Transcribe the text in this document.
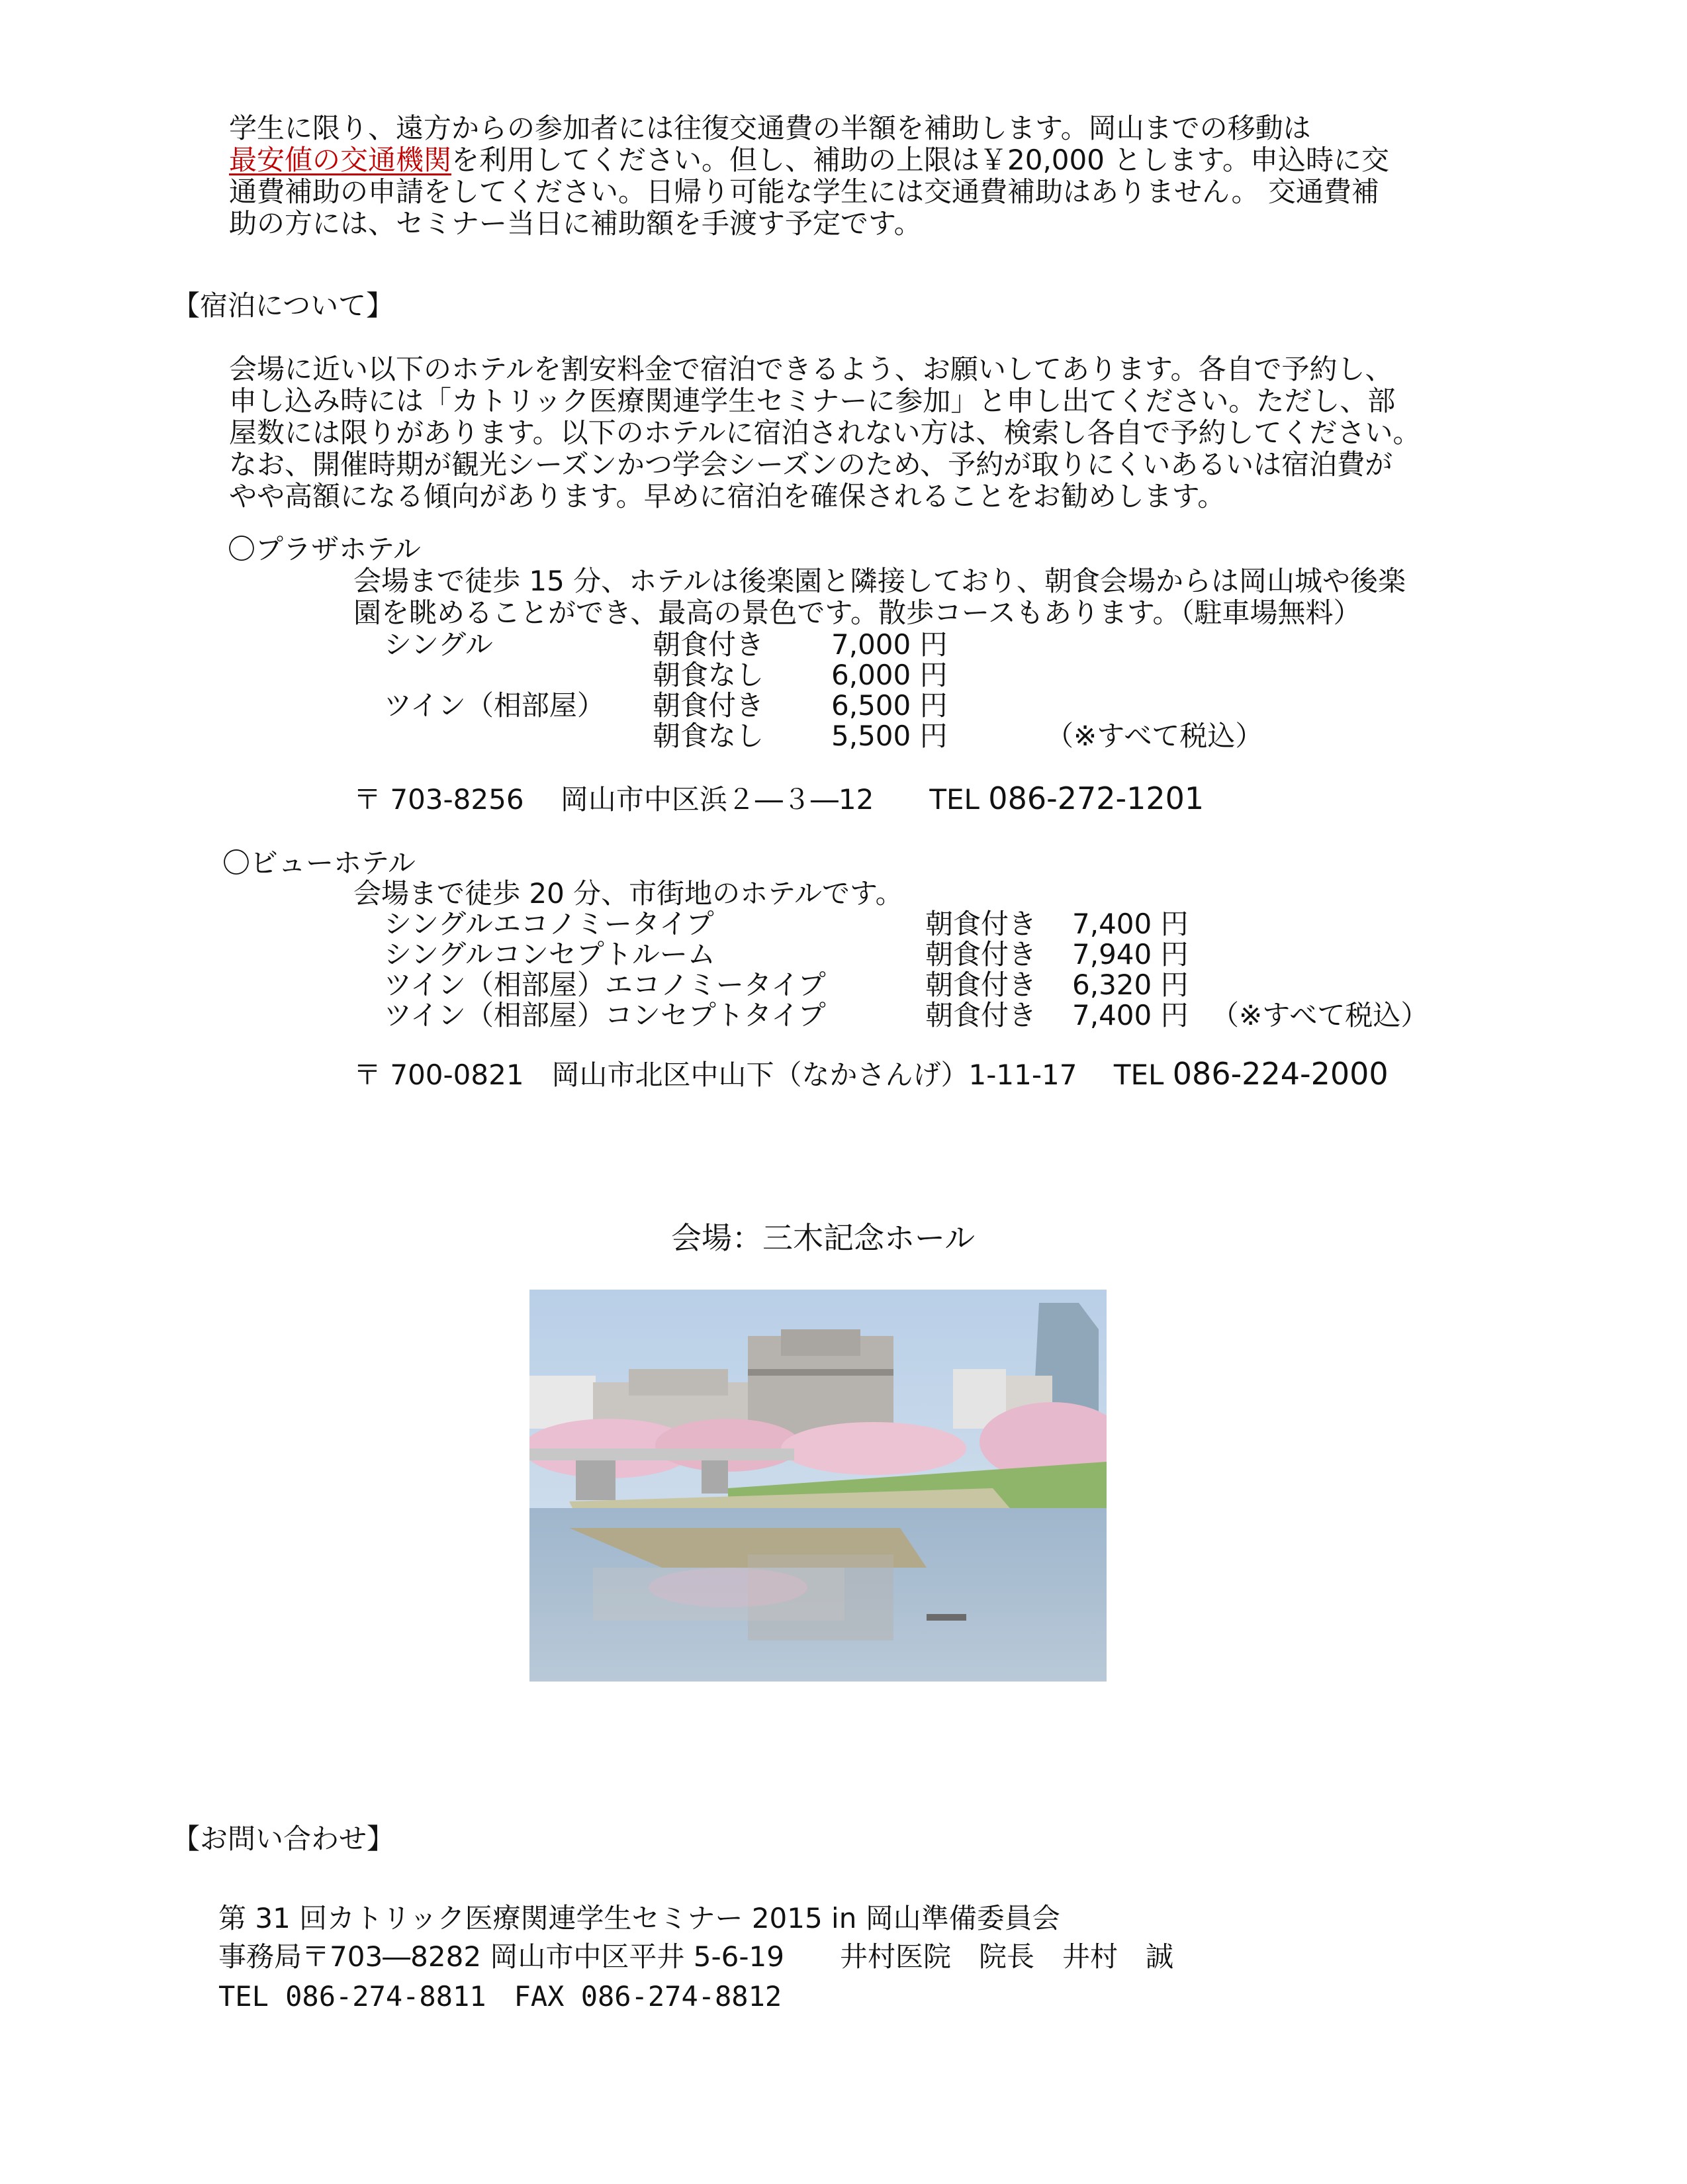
学生に限り、遠方からの参加者には往復交通費の半額を補助します。岡山までの移動は
最安値の交通機関を利用してください。但し、補助の上限は￥20,000 とします。申込時に交
通費補助の申請をしてください。日帰り可能な学生には交通費補助はありません。 交通費補
助の方には、セミナー当日に補助額を手渡す予定です。
【宿泊について】
会場に近い以下のホテルを割安料金で宿泊できるよう、お願いしてあります。各自で予約し、
申し込み時には「カトリック医療関連学生セミナーに参加」と申し出てください。ただし、部
屋数には限りがあります。以下のホテルに宿泊されない方は、検索し各自で予約してください。
なお、開催時期が観光シーズンかつ学会シーズンのため、予約が取りにくいあるいは宿泊費が
やや高額になる傾向があります。早めに宿泊を確保されることをお勧めします。
〇プラザホテル
会場まで徒歩 15 分、ホテルは後楽園と隣接しており、朝食会場からは岡山城や後楽
園を眺めることができ、最高の景色です。散歩コースもあります。（駐車場無料）
シングル	朝食付き 7,000 円
朝食なし 6,000 円
ツイン（相部屋） 朝食付き 6,500 円
朝食なし 5,500 円	（※すべて税込）
〒 703-8256　 岡山市中区浜２―３―12　　TEL 086-272-1201
〇ビューホテル
会場まで徒歩 20 分、市街地のホテルです。
シングルエコノミータイプ	朝食付き 7,400 円
シングルコンセプトルーム	朝食付き 7,940 円
ツイン（相部屋）エコノミータイプ	朝食付き 6,320 円
ツイン（相部屋）コンセプトタイプ	朝食付き 7,400 円 （※すべて税込）
〒 700-0821　岡山市北区中山下（なかさんげ）1-11-17　 TEL 086-224-2000
会場：三木記念ホール
【お問い合わせ】
第 31 回カトリック医療関連学生セミナー 2015 in 岡山準備委員会
事務局〒703―8282 岡山市中区平井 5-6-19　　井村医院　院長　井村　誠
TEL 086-274-8811　FAX 086-274-8812
